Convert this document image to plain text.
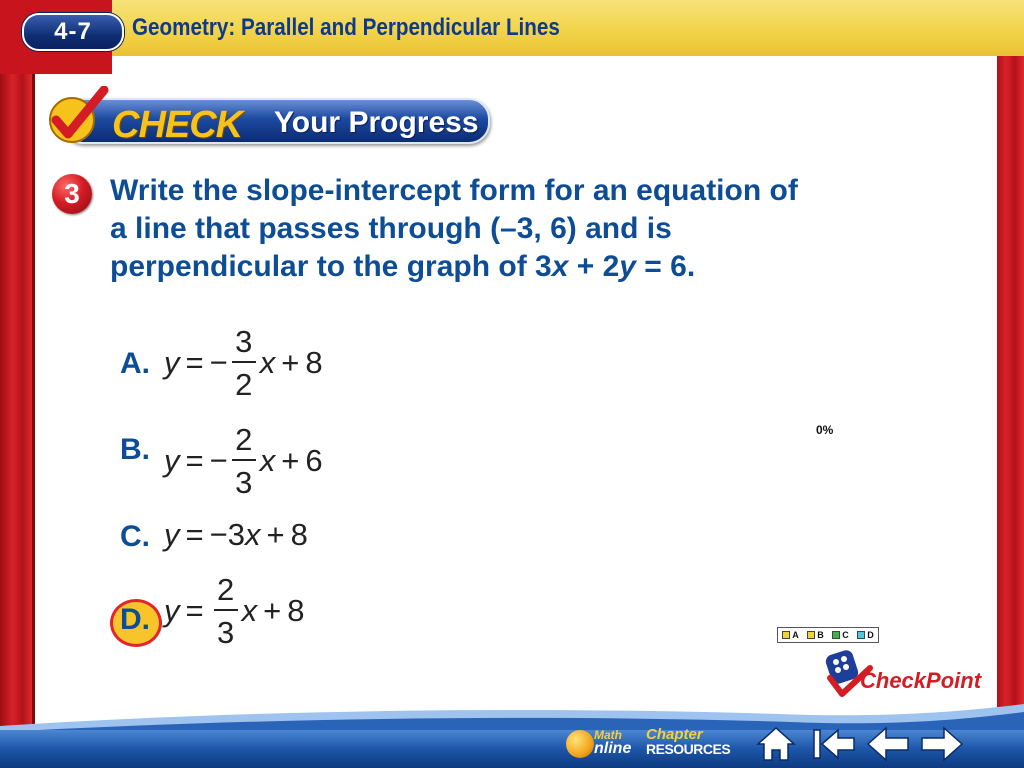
4-7	Geometry: Parallel and Perpendicular Lines
CHECK Your Progress
3	Write the slope-intercept form for an equation of
a line that passes through (–3, 6) and is
perpendicular to the graph of 3x + 2y = 6.
A. y = − $\frac{3}{2}$ x + 8
B. y = − $\frac{2}{3}$ x + 6
C. y = −3 x + 8
D. $y = \frac{2}{3}$ x + 8
0%
A B C D
CheckPoint
Math
nline
Chapter
RESOURCES
